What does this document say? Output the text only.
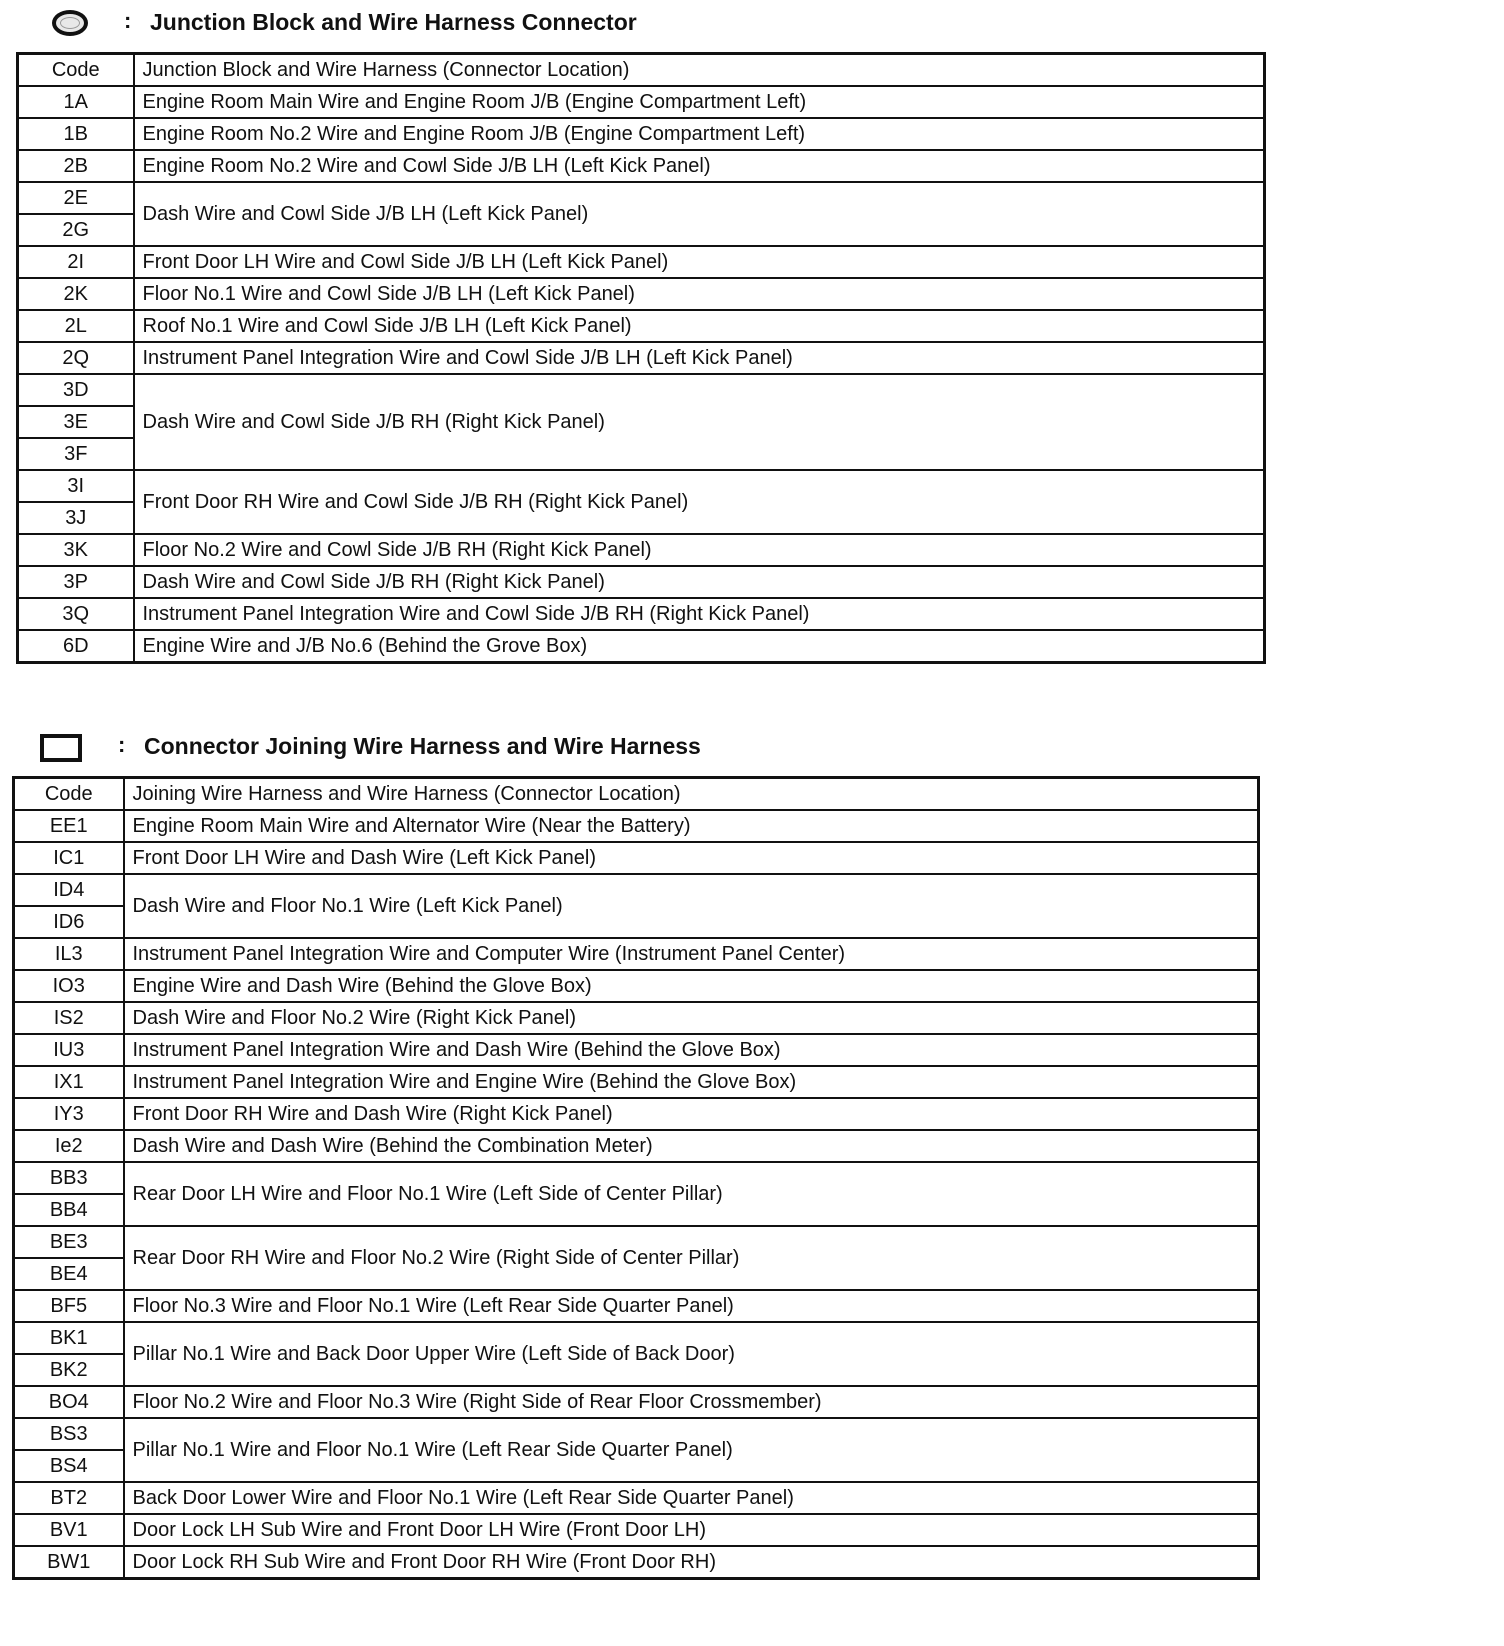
: Junction Block and Wire Harness Connector
Code	Junction Block and Wire Harness (Connector Location)
1A	Engine Room Main Wire and Engine Room J/B (Engine Compartment Left)
1B	Engine Room No.2 Wire and Engine Room J/B (Engine Compartment Left)
2B	Engine Room No.2 Wire and Cowl Side J/B LH (Left Kick Panel)
2E	Dash Wire and Cowl Side J/B LH (Left Kick Panel)
2G	
2I	Front Door LH Wire and Cowl Side J/B LH (Left Kick Panel)
2K	Floor No.1 Wire and Cowl Side J/B LH (Left Kick Panel)
2L	Roof No.1 Wire and Cowl Side J/B LH (Left Kick Panel)
2Q	Instrument Panel Integration Wire and Cowl Side J/B LH (Left Kick Panel)
3D	Dash Wire and Cowl Side J/B RH (Right Kick Panel)
3E	
3F	
3I	Front Door RH Wire and Cowl Side J/B RH (Right Kick Panel)
3J	
3K	Floor No.2 Wire and Cowl Side J/B RH (Right Kick Panel)
3P	Dash Wire and Cowl Side J/B RH (Right Kick Panel)
3Q	Instrument Panel Integration Wire and Cowl Side J/B RH (Right Kick Panel)
6D	Engine Wire and J/B No.6 (Behind the Grove Box)
: Connector Joining Wire Harness and Wire Harness
Code	Joining Wire Harness and Wire Harness (Connector Location)
EE1	Engine Room Main Wire and Alternator Wire (Near the Battery)
IC1	Front Door LH Wire and Dash Wire (Left Kick Panel)
ID4	Dash Wire and Floor No.1 Wire (Left Kick Panel)
ID6	
IL3	Instrument Panel Integration Wire and Computer Wire (Instrument Panel Center)
IO3	Engine Wire and Dash Wire (Behind the Glove Box)
IS2	Dash Wire and Floor No.2 Wire (Right Kick Panel)
IU3	Instrument Panel Integration Wire and Dash Wire (Behind the Glove Box)
IX1	Instrument Panel Integration Wire and Engine Wire (Behind the Glove Box)
IY3	Front Door RH Wire and Dash Wire (Right Kick Panel)
Ie2	Dash Wire and Dash Wire (Behind the Combination Meter)
BB3	Rear Door LH Wire and Floor No.1 Wire (Left Side of Center Pillar)
BB4	
BE3	Rear Door RH Wire and Floor No.2 Wire (Right Side of Center Pillar)
BE4	
BF5	Floor No.3 Wire and Floor No.1 Wire (Left Rear Side Quarter Panel)
BK1	Pillar No.1 Wire and Back Door Upper Wire (Left Side of Back Door)
BK2	
BO4	Floor No.2 Wire and Floor No.3 Wire (Right Side of Rear Floor Crossmember)
BS3	Pillar No.1 Wire and Floor No.1 Wire (Left Rear Side Quarter Panel)
BS4	
BT2	Back Door Lower Wire and Floor No.1 Wire (Left Rear Side Quarter Panel)
BV1	Door Lock LH Sub Wire and Front Door LH Wire (Front Door LH)
BW1	Door Lock RH Sub Wire and Front Door RH Wire (Front Door RH)
